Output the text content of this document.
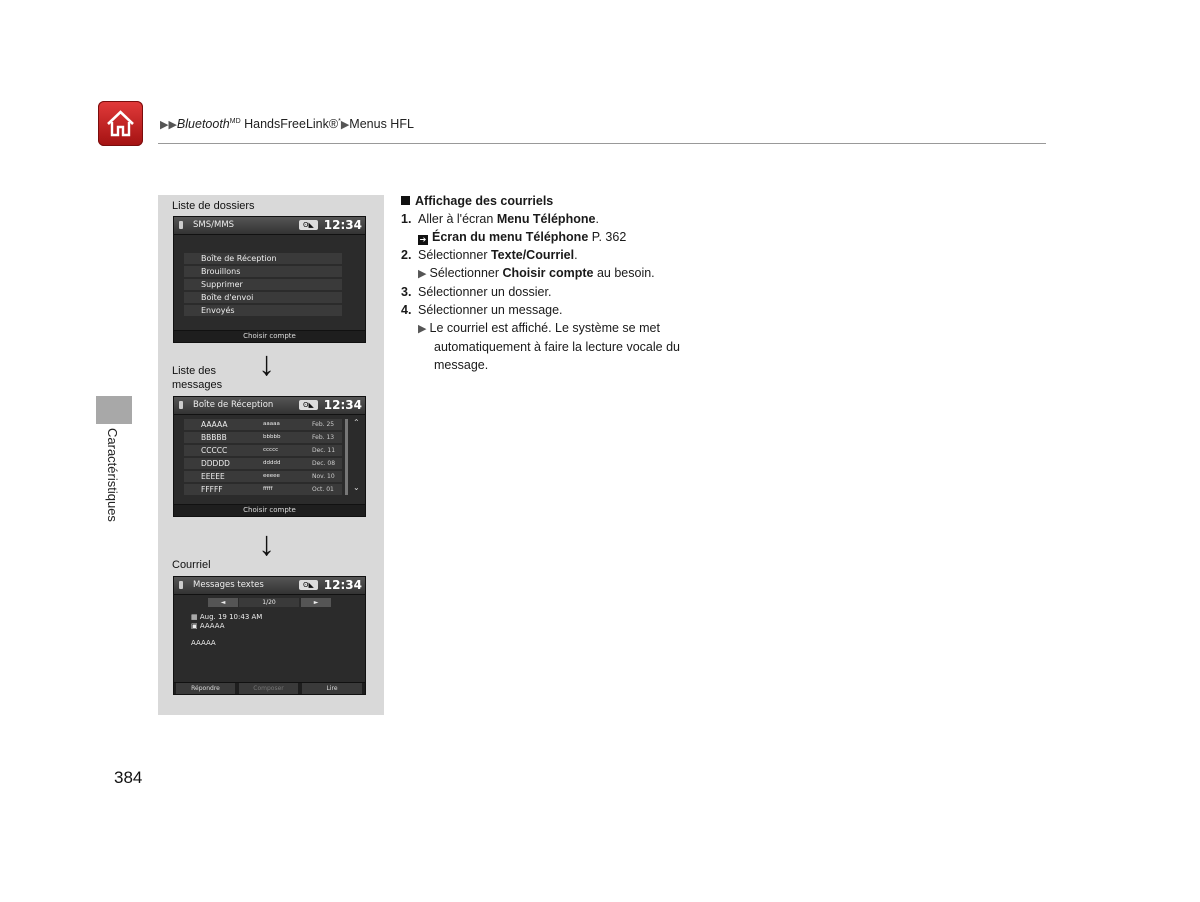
▶▶Bluetooth$^{MD}$ HandsFreeLink®*▶Menus HFL
Caractéristiques
Liste de dossiers
SMS/MMS	ʘ◣ 12:34
Boîte de Réception
Brouillons
Supprimer
Boîte d'envoi
Envoyés
Choisir compte
↓
Liste des
messages
Boîte de Réception	ʘ◣ 12:34
AAAAA	aaaaa	Feb. 25
BBBBB	bbbbb	Feb. 13
CCCCC	ccccc	Dec. 11
DDDDD	ddddd	Dec. 08
EEEEE	eeeee	Nov. 10
FFFFF	fffff	Oct. 01
⌃
⌄
Choisir compte
↓
Courriel
Messages textes	ʘ◣ 12:34
◄	1/20	►
▦ Aug. 19 10:43 AM
▣ AAAAA
AAAAA
Répondre	Composer	Lire
Affichage des courriels
1. Aller à l'écran Menu Téléphone.
➔ Écran du menu Téléphone P. 362
2. Sélectionner Texte/Courriel.
▶ Sélectionner Choisir compte au besoin.
3. Sélectionner un dossier.
4. Sélectionner un message.
▶ Le courriel est affiché. Le système se met
automatiquement à faire la lecture vocale du
message.
384
